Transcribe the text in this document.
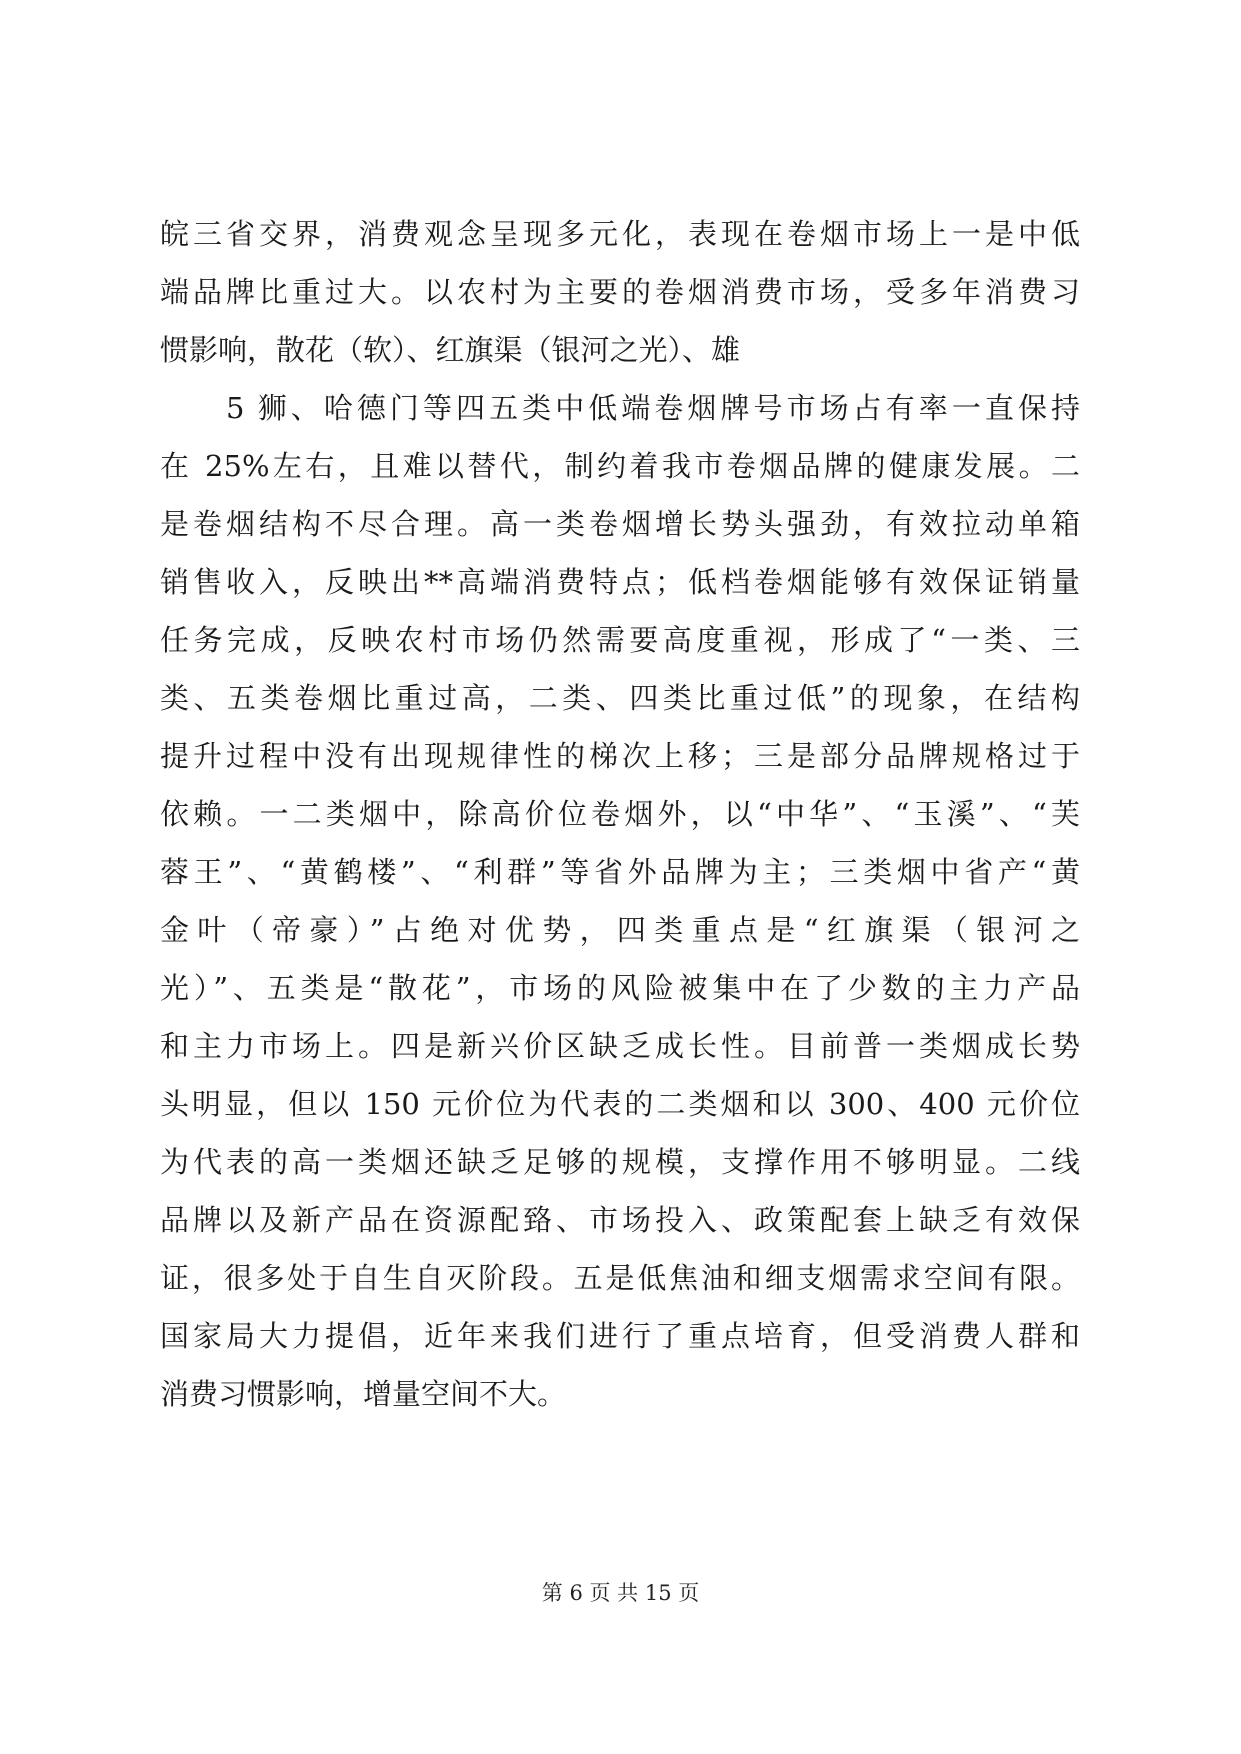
皖三省交界，消费观念呈现多元化，表现在卷烟市场上一是中低
端品牌比重过大。以农村为主要的卷烟消费市场，受多年消费习
惯影响，散花（软）、红旗渠（银河之光）、雄
5 狮、哈德门等四五类中低端卷烟牌号市场占有率一直保持
在 25%左右，且难以替代，制约着我市卷烟品牌的健康发展。二
是卷烟结构不尽合理。高一类卷烟增长势头强劲，有效拉动单箱
销售收入，反映出**高端消费特点；低档卷烟能够有效保证销量
任务完成，反映农村市场仍然需要高度重视，形成了“一类、三
类、五类卷烟比重过高，二类、四类比重过低”的现象，在结构
提升过程中没有出现规律性的梯次上移；三是部分品牌规格过于
依赖。一二类烟中，除高价位卷烟外，以“中华”、“玉溪”、“芙
蓉王”、“黄鹤楼”、“利群”等省外品牌为主；三类烟中省产“黄
金叶（帝豪）”占绝对优势，四类重点是“红旗渠（银河之
光）”、五类是“散花”，市场的风险被集中在了少数的主力产品
和主力市场上。四是新兴价区缺乏成长性。目前普一类烟成长势
头明显，但以 150 元价位为代表的二类烟和以 300、400 元价位
为代表的高一类烟还缺乏足够的规模，支撑作用不够明显。二线
品牌以及新产品在资源配臵、市场投入、政策配套上缺乏有效保
证，很多处于自生自灭阶段。五是低焦油和细支烟需求空间有限。
国家局大力提倡，近年来我们进行了重点培育，但受消费人群和
消费习惯影响，增量空间不大。
第 6 页 共 15 页
